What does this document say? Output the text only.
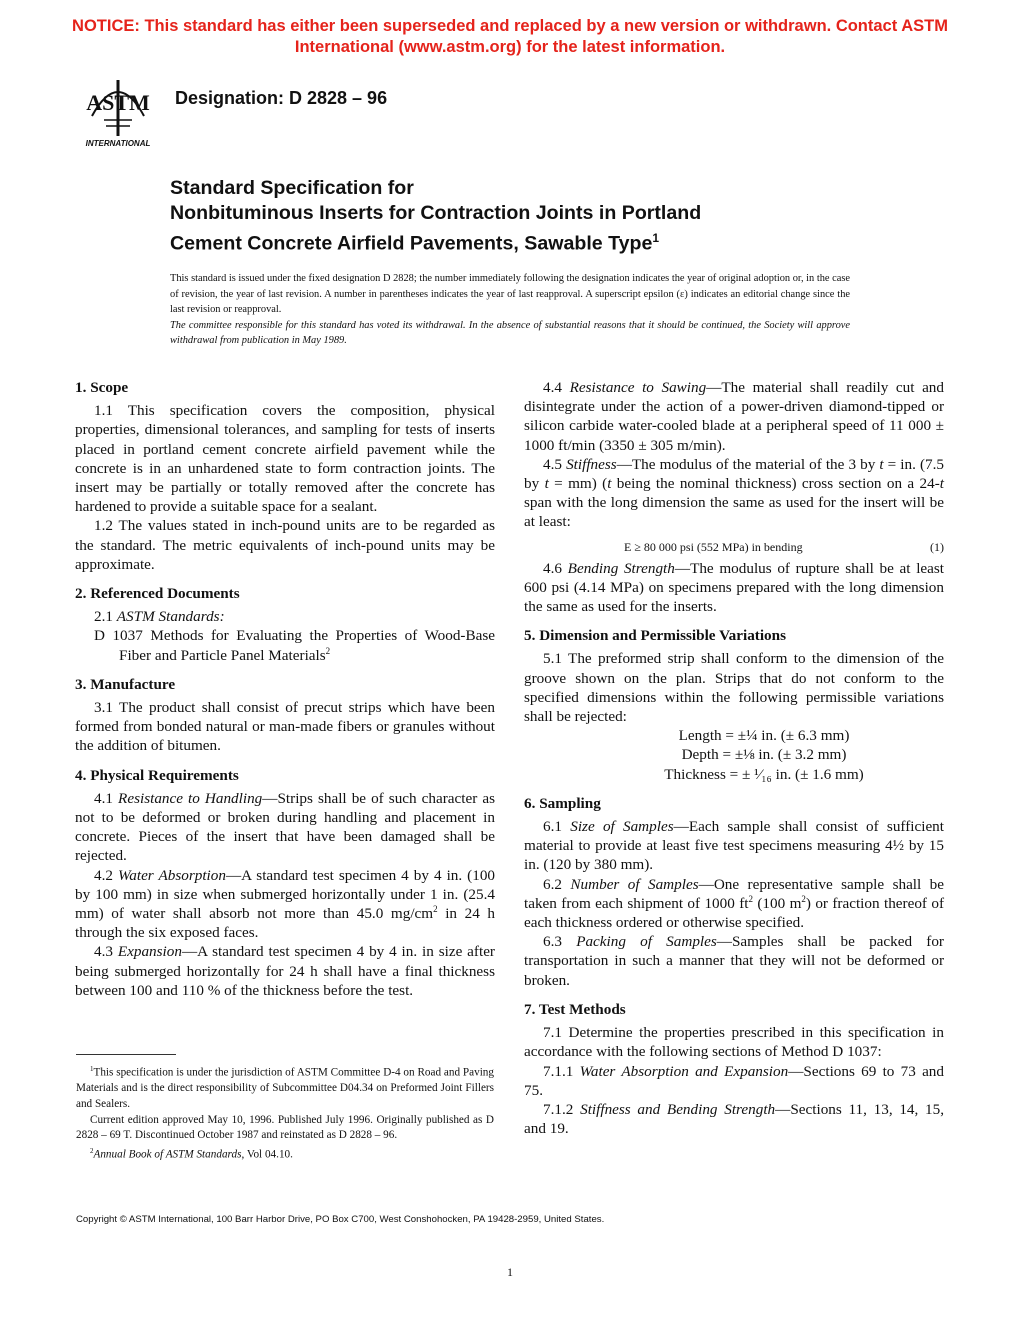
NOTICE: This standard has either been superseded and replaced by a new version or withdrawn. Contact ASTM
International (www.astm.org) for the latest information.
ASTM
INTERNATIONAL
Designation: D 2828 – 96
Standard Specification for
Nonbituminous Inserts for Contraction Joints in Portland
Cement Concrete Airfield Pavements, Sawable Type$^1$
This standard is issued under the fixed designation D 2828; the number immediately following the designation indicates the year of original adoption or, in the case of revision, the year of last revision. A number in parentheses indicates the year of last reapproval. A superscript epsilon (ε) indicates an editorial change since the last revision or reapproval.
The committee responsible for this standard has voted its withdrawal. In the absence of substantial reasons that it should be continued, the Society will approve withdrawal from publication in May 1989.
1. Scope

1.1 This specification covers the composition, physical properties, dimensional tolerances, and sampling for tests of inserts placed in portland cement concrete airfield pavement while the concrete is in an unhardened state to form contraction joints. The insert may be partially or totally removed after the concrete has hardened to provide a suitable space for a sealant.

1.2 The values stated in inch-pound units are to be regarded as the standard. The metric equivalents of inch-pound units may be approximate.

2. Referenced Documents

2.1 ASTM Standards:

D 1037 Methods for Evaluating the Properties of Wood-Base Fiber and Particle Panel Materials$^2$

3. Manufacture

3.1 The product shall consist of precut strips which have been formed from bonded natural or man-made fibers or granules without the addition of bitumen.

4. Physical Requirements

4.1 Resistance to Handling—Strips shall be of such character as not to be deformed or broken during handling and placement in concrete. Pieces of the insert that have been damaged shall be rejected.

4.2 Water Absorption—A standard test specimen 4 by 4 in. (100 by 100 mm) in size when submerged horizontally under 1 in. (25.4 mm) of water shall absorb not more than 45.0 $mg/cm^2$ in 24 h through the six exposed faces.

4.3 Expansion—A standard test specimen 4 by 4 in. in size after being submerged horizontally for 24 h shall have a final thickness between 100 and 110 % of the thickness before the test.

4.4 Resistance to Sawing—The material shall readily cut and disintegrate under the action of a power-driven diamond-tipped or silicon carbide water-cooled blade at a peripheral speed of 11 000 ± 1000 ft/min (3350 ± 305 m/min).

4.5 Stiffness—The modulus of the material of the 3 by t = in. (7.5 by t = mm) (t being the nominal thickness) cross section on a 24-t span with the long dimension the same as used for the insert will be at least:

E ≥ 80 000 psi (552 MPa) in bending	(1)

4.6 Bending Strength—The modulus of rupture shall be at least 600 psi (4.14 MPa) on specimens prepared with the long dimension the same as used for the inserts.

5. Dimension and Permissible Variations

5.1 The preformed strip shall conform to the dimension of the groove shown on the plan. Strips that do not conform to the specified dimensions within the following permissible variations shall be rejected:

Length = ±¼ in. (± 6.3 mm)
Depth = ±⅛ in. (± 3.2 mm)
Thickness = ± ¹⁄₁₆ in. (± 1.6 mm)
6. Sampling

6.1 Size of Samples—Each sample shall consist of sufficient material to provide at least five test specimens measuring 4½ by 15 in. (120 by 380 mm).

6.2 Number of Samples—One representative sample shall be taken from each shipment of 1000 $ft^2$ (100 $m^2$) or fraction thereof of each thickness ordered or otherwise specified.

6.3 Packing of Samples—Samples shall be packed for transportation in such a manner that they will not be deformed or broken.

7. Test Methods

7.1 Determine the properties prescribed in this specification in accordance with the following sections of Method D 1037:

7.1.1 Water Absorption and Expansion—Sections 69 to 73 and 75.

7.1.2 Stiffness and Bending Strength—Sections 11, 13, 14, 15, and 19.

$^1$This specification is under the jurisdiction of ASTM Committee D-4 on Road and Paving Materials and is the direct responsibility of Subcommittee D04.34 on Preformed Joint Fillers and Sealers.

Current edition approved May 10, 1996. Published July 1996. Originally published as D 2828 – 69 T. Discontinued October 1987 and reinstated as D 2828 – 96.

$^2$Annual Book of ASTM Standards, Vol 04.10.

Copyright © ASTM International, 100 Barr Harbor Drive, PO Box C700, West Conshohocken, PA 19428-2959, United States.
1
